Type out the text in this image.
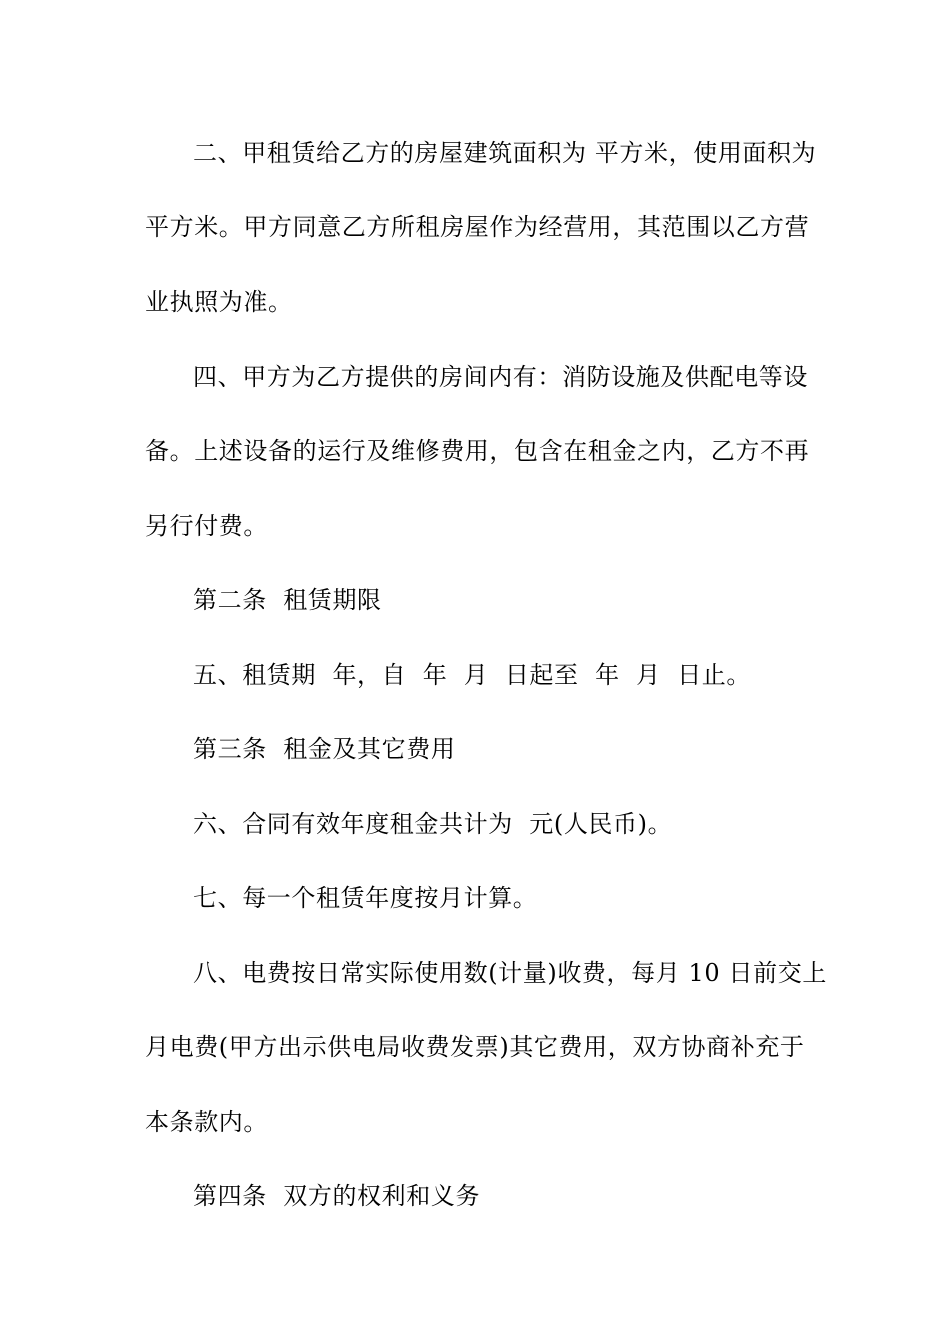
二、甲租赁给乙方的房屋建筑面积为 平方米，使用面积为
平方米。甲方同意乙方所租房屋作为经营用，其范围以乙方营
业执照为准。
四、甲方为乙方提供的房间内有：消防设施及供配电等设
备。上述设备的运行及维修费用，包含在租金之内，乙方不再
另行付费。
第二条  租赁期限
五、租赁期  年，自  年  月  日起至  年  月  日止。
第三条  租金及其它费用
六、合同有效年度租金共计为  元(人民币)。
七、每一个租赁年度按月计算。
八、电费按日常实际使用数(计量)收费，每月 10 日前交上
月电费(甲方出示供电局收费发票)其它费用，双方协商补充于
本条款内。
第四条  双方的权利和义务
